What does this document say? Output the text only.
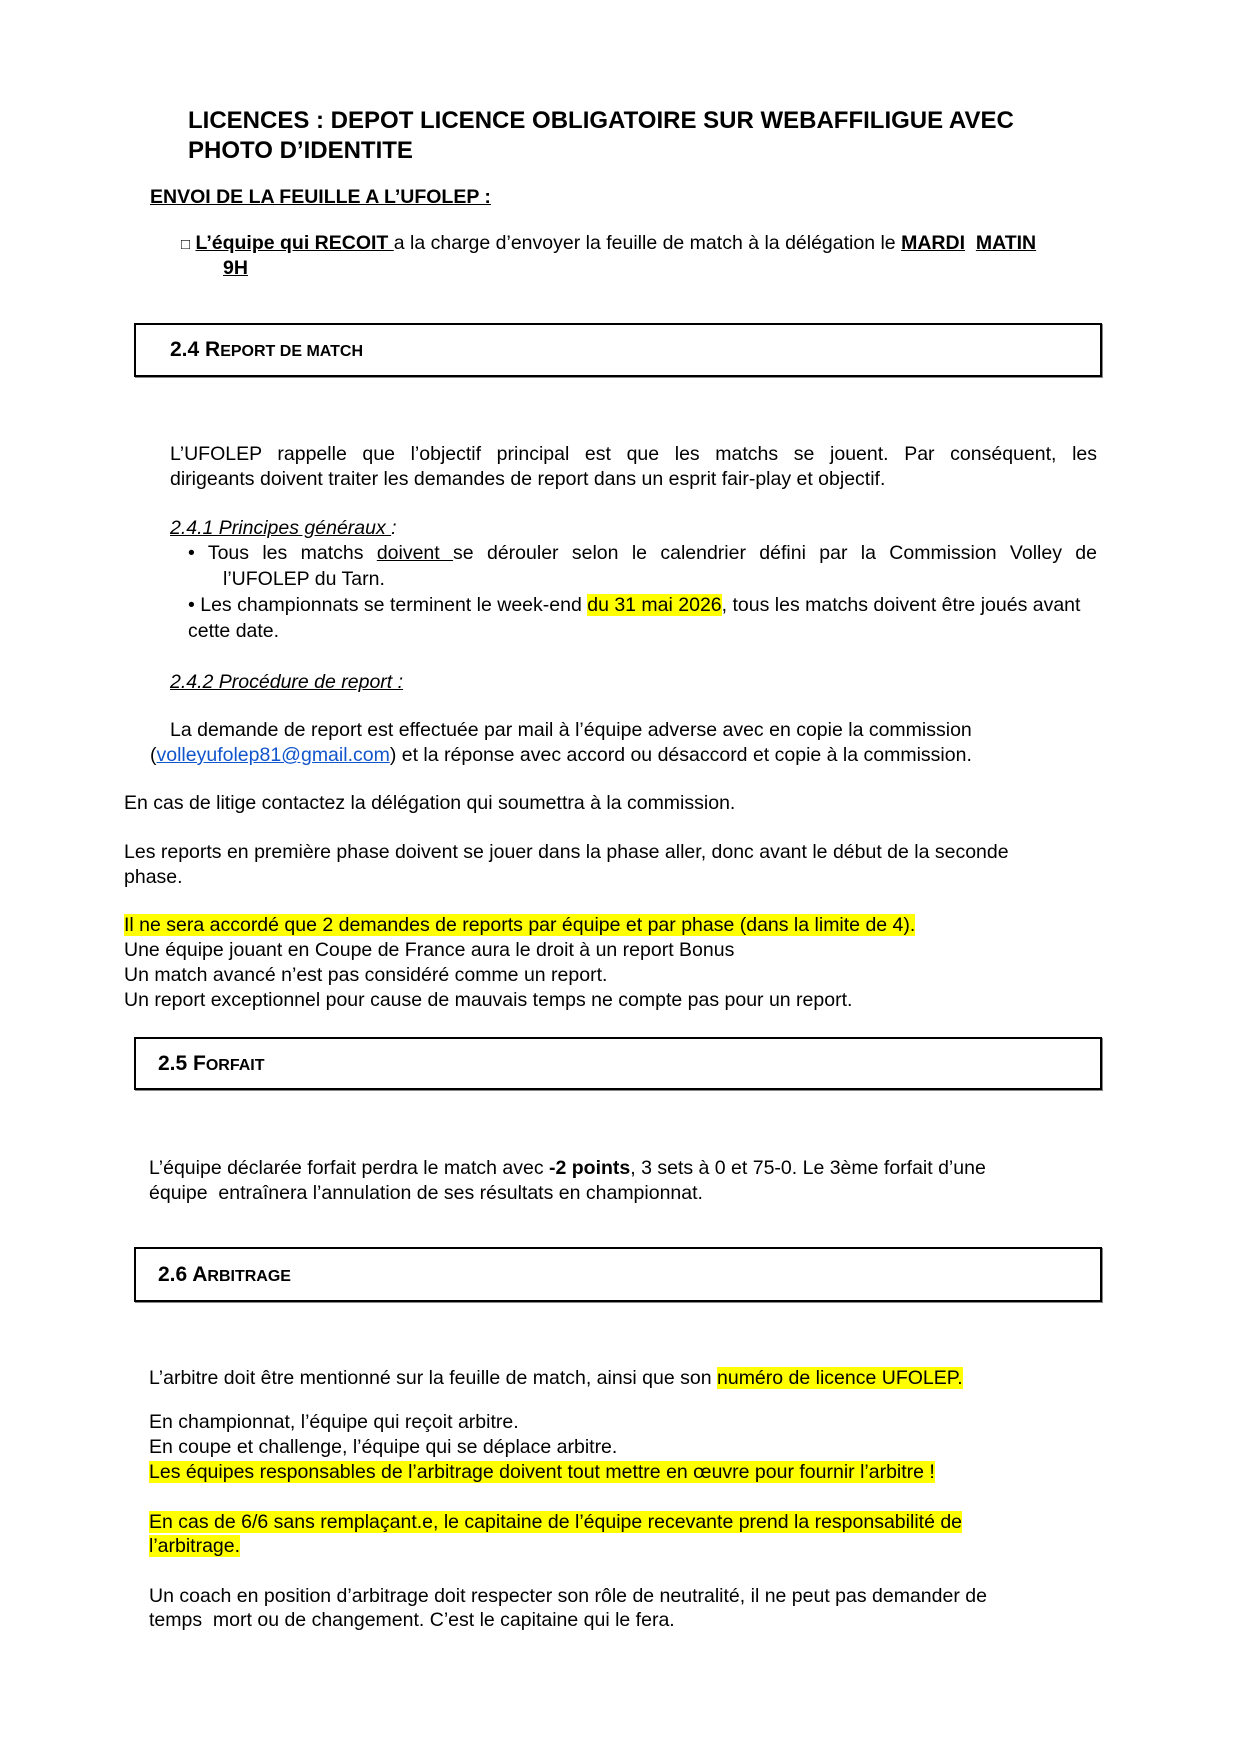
LICENCES : DEPOT LICENCE OBLIGATOIRE SUR WEBAFFILIGUE AVEC
PHOTO D’IDENTITE
ENVOI DE LA FEUILLE A L’UFOLEP :
□ L’équipe qui RECOIT a la charge d’envoyer la feuille de match à la délégation le MARDI MATIN
9H
2.4 REPORT DE MATCH
L’UFOLEP rappelle que l’objectif principal est que les matchs se jouent. Par conséquent, les
dirigeants doivent traiter les demandes de report dans un esprit fair-play et objectif.
2.4.1 Principes généraux :
• Tous les matchs doivent se dérouler selon le calendrier défini par la Commission Volley de
l’UFOLEP du Tarn.
• Les championnats se terminent le week-end du 31 mai 2026, tous les matchs doivent être joués avant
cette date.
2.4.2 Procédure de report :
La demande de report est effectuée par mail à l’équipe adverse avec en copie la commission
(volleyufolep81@gmail.com) et la réponse avec accord ou désaccord et copie à la commission.
En cas de litige contactez la délégation qui soumettra à la commission.
Les reports en première phase doivent se jouer dans la phase aller, donc avant le début de la seconde
phase.
Il ne sera accordé que 2 demandes de reports par équipe et par phase (dans la limite de 4).
Une équipe jouant en Coupe de France aura le droit à un report Bonus
Un match avancé n’est pas considéré comme un report.
Un report exceptionnel pour cause de mauvais temps ne compte pas pour un report.
2.5 FORFAIT
L’équipe déclarée forfait perdra le match avec -2 points, 3 sets à 0 et 75-0. Le 3ème forfait d’une
équipe  entraînera l’annulation de ses résultats en championnat.
2.6 ARBITRAGE
L’arbitre doit être mentionné sur la feuille de match, ainsi que son numéro de licence UFOLEP.
En championnat, l’équipe qui reçoit arbitre.
En coupe et challenge, l’équipe qui se déplace arbitre.
Les équipes responsables de l’arbitrage doivent tout mettre en œuvre pour fournir l’arbitre !
En cas de 6/6 sans remplaçant.e, le capitaine de l’équipe recevante prend la responsabilité de
l’arbitrage.
Un coach en position d’arbitrage doit respecter son rôle de neutralité, il ne peut pas demander de
temps  mort ou de changement. C’est le capitaine qui le fera.
